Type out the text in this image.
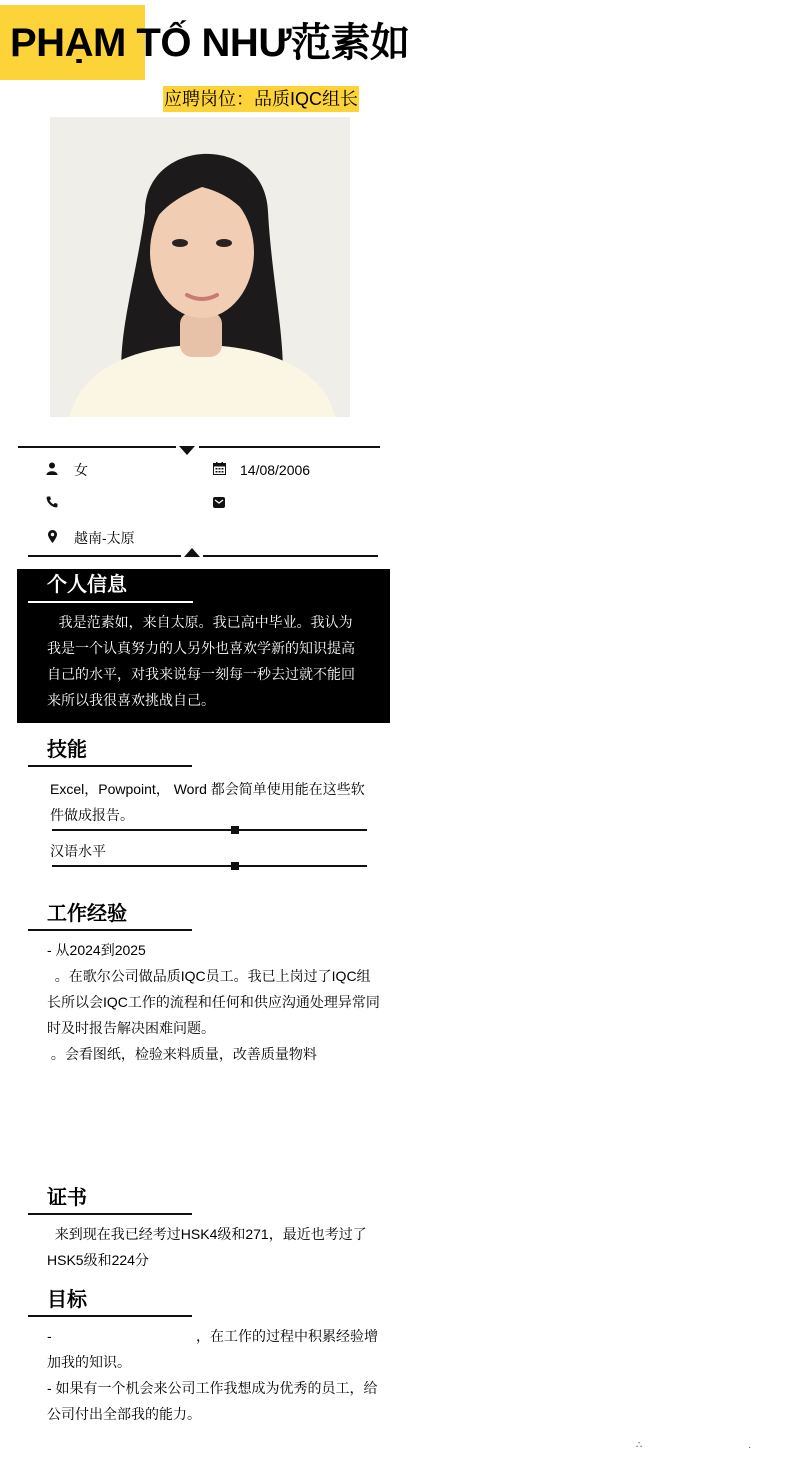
PHẠM TỐ NHƯ范素如
应聘岗位：品质IQC组长
女	14/08/2006
越南-太原
个人信息
我是范素如，来自太原。我已高中毕业。我认为
我是一个认真努力的人另外也喜欢学新的知识提高
自己的水平，对我来说每一刻每一秒去过就不能回
来所以我很喜欢挑战自己。
技能
Excel，Powpoint， Word 都会简单使用能在这些软
件做成报告。
汉语水平
工作经验
- 从2024到2025
。在歌尔公司做品质IQC员工。我已上岗过了IQC组
长所以会IQC工作的流程和任何和供应沟通处理异常同
时及时报告解决困难问题。
。会看图纸，检验来料质量，改善质量物料
证书
来到现在我已经考过HSK4级和271，最近也考过了
HSK5级和224分
目标
-	，在工作的过程中积累经验增
加我的知识。
- 如果有一个机会来公司工作我想成为优秀的员工，给
公司付出全部我的能力。
∴	·
